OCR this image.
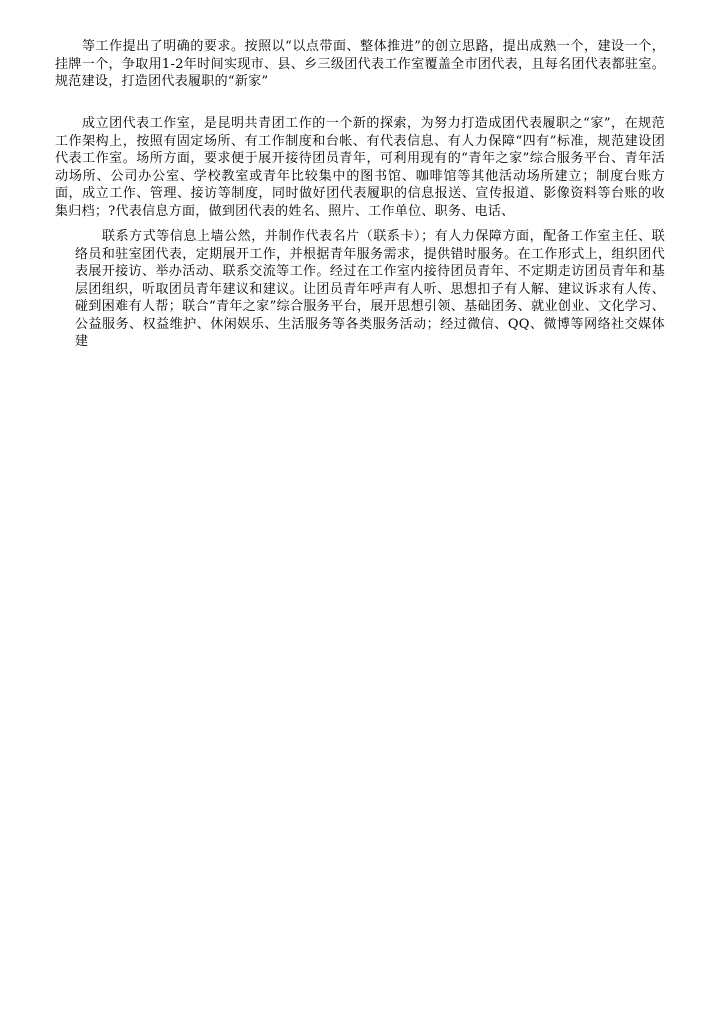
等工作提出了明确的要求。按照以“以点带面、整体推进”的创立思路，提出成熟一个，建设一个，挂牌一个，争取用1-2年时间实现市、县、乡三级团代表工作室覆盖全市团代表，且每名团代表都驻室。规范建设，打造团代表履职的“新家”

成立团代表工作室，是昆明共青团工作的一个新的探索，为努力打造成团代表履职之“家”，在规范工作架构上，按照有固定场所、有工作制度和台帐、有代表信息、有人力保障“四有”标准，规范建设团代表工作室。场所方面，要求便于展开接待团员青年，可利用现有的“青年之家”综合服务平台、青年活动场所、公司办公室、学校教室或青年比较集中的图书馆、咖啡馆等其他活动场所建立；制度台账方面，成立工作、管理、接访等制度，同时做好团代表履职的信息报送、宣传报道、影像资料等台账的收集归档；?代表信息方面，做到团代表的姓名、照片、工作单位、职务、电话、

联系方式等信息上墙公然，并制作代表名片（联系卡）；有人力保障方面，配备工作室主任、联络员和驻室团代表，定期展开工作，并根据青年服务需求，提供错时服务。在工作形式上，组织团代表展开接访、举办活动、联系交流等工作。经过在工作室内接待团员青年、不定期走访团员青年和基层团组织，听取团员青年建议和建议。让团员青年呼声有人听、思想扣子有人解、建议诉求有人传、碰到困难有人帮；联合“青年之家”综合服务平台，展开思想引领、基础团务、就业创业、文化学习、公益服务、权益维护、休闲娱乐、生活服务等各类服务活动；经过微信、QQ、微博等网络社交媒体建
